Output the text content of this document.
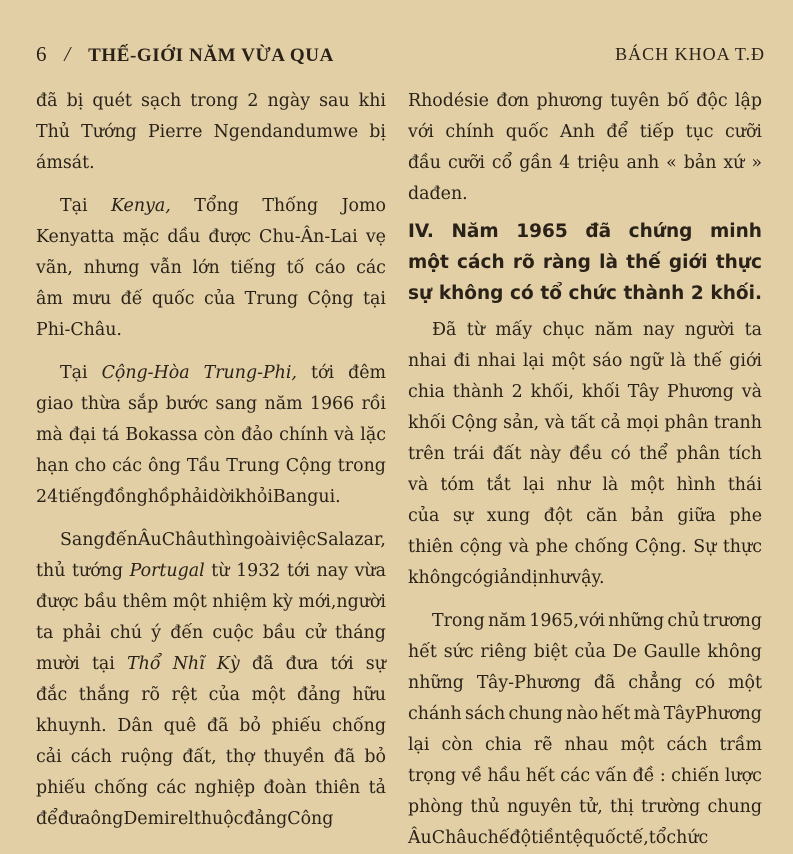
6 / THẾ-GIỚI NĂM VỪA QUA	BÁCH KHOA T.Đ
đã bị quét sạch trong 2 ngày sau khi
Thủ Tướng Pierre Ngendandumwe bị
ám sát.
Tại Kenya, Tổng Thống Jomo
Kenyatta mặc dầu được Chu-Ân-Lai vẹ
vãn, nhưng vẫn lớn tiếng tố cáo các
âm mưu đế quốc của Trung Cộng tại
Phi-Châu.
Tại Cộng-Hòa Trung-Phi, tới đêm
giao thừa sắp bước sang năm 1966 rồi
mà đại tá Bokassa còn đảo chính và lặc
hạn cho các ông Tầu Trung Cộng trong
24 tiếng đồng hồ phải dời khỏi Bangui.
Sang đến ÂuChâu thì ngoài việc Salazar,
thủ tướng Portugal từ 1932 tới nay vừa
được bầu thêm một nhiệm kỳ mới,người
ta phải chú ý đến cuộc bầu cử tháng
mười tại Thổ Nhĩ Kỳ đã đưa tới sự
đắc thắng rõ rệt của một đảng hữu
khuynh. Dân quê đã bỏ phiếu chống
cải cách ruộng đất, thợ thuyền đã bỏ
phiếu chống các nghiệp đoàn thiên tả
để đưa ông Demirel thuộc đảng Công
Rhodésie đơn phương tuyên bố độc lập
với chính quốc Anh để tiếp tục cưỡi
đầu cưỡi cổ gần 4 triệu anh « bản xứ »
da đen.
IV. Năm 1965 đã chứng minh
một cách rõ ràng là thế giới thực
sự không có tổ chức thành 2 khối.
Đã từ mấy chục năm nay người ta
nhai đi nhai lại một sáo ngữ là thế giới
chia thành 2 khối, khối Tây Phương và
khối Cộng sản, và tất cả mọi phân tranh
trên trái đất này đều có thể phân tích
và tóm tắt lại như là một hình thái
của sự xung đột căn bản giữa phe
thiên cộng và phe chống Cộng. Sự thực
không có giản dị như vậy.
Trong năm 1965,với những chủ trương
hết sức riêng biệt của De Gaulle không
những Tây-Phương đã chẳng có một
chánh sách chung nào hết mà TâyPhương
lại còn chia rẽ nhau một cách trầm
trọng về hầu hết các vấn đề : chiến lược
phòng thủ nguyên tử, thị trường chung
Âu Châu chế độ tiền tệ quốc tế, tổ chức
